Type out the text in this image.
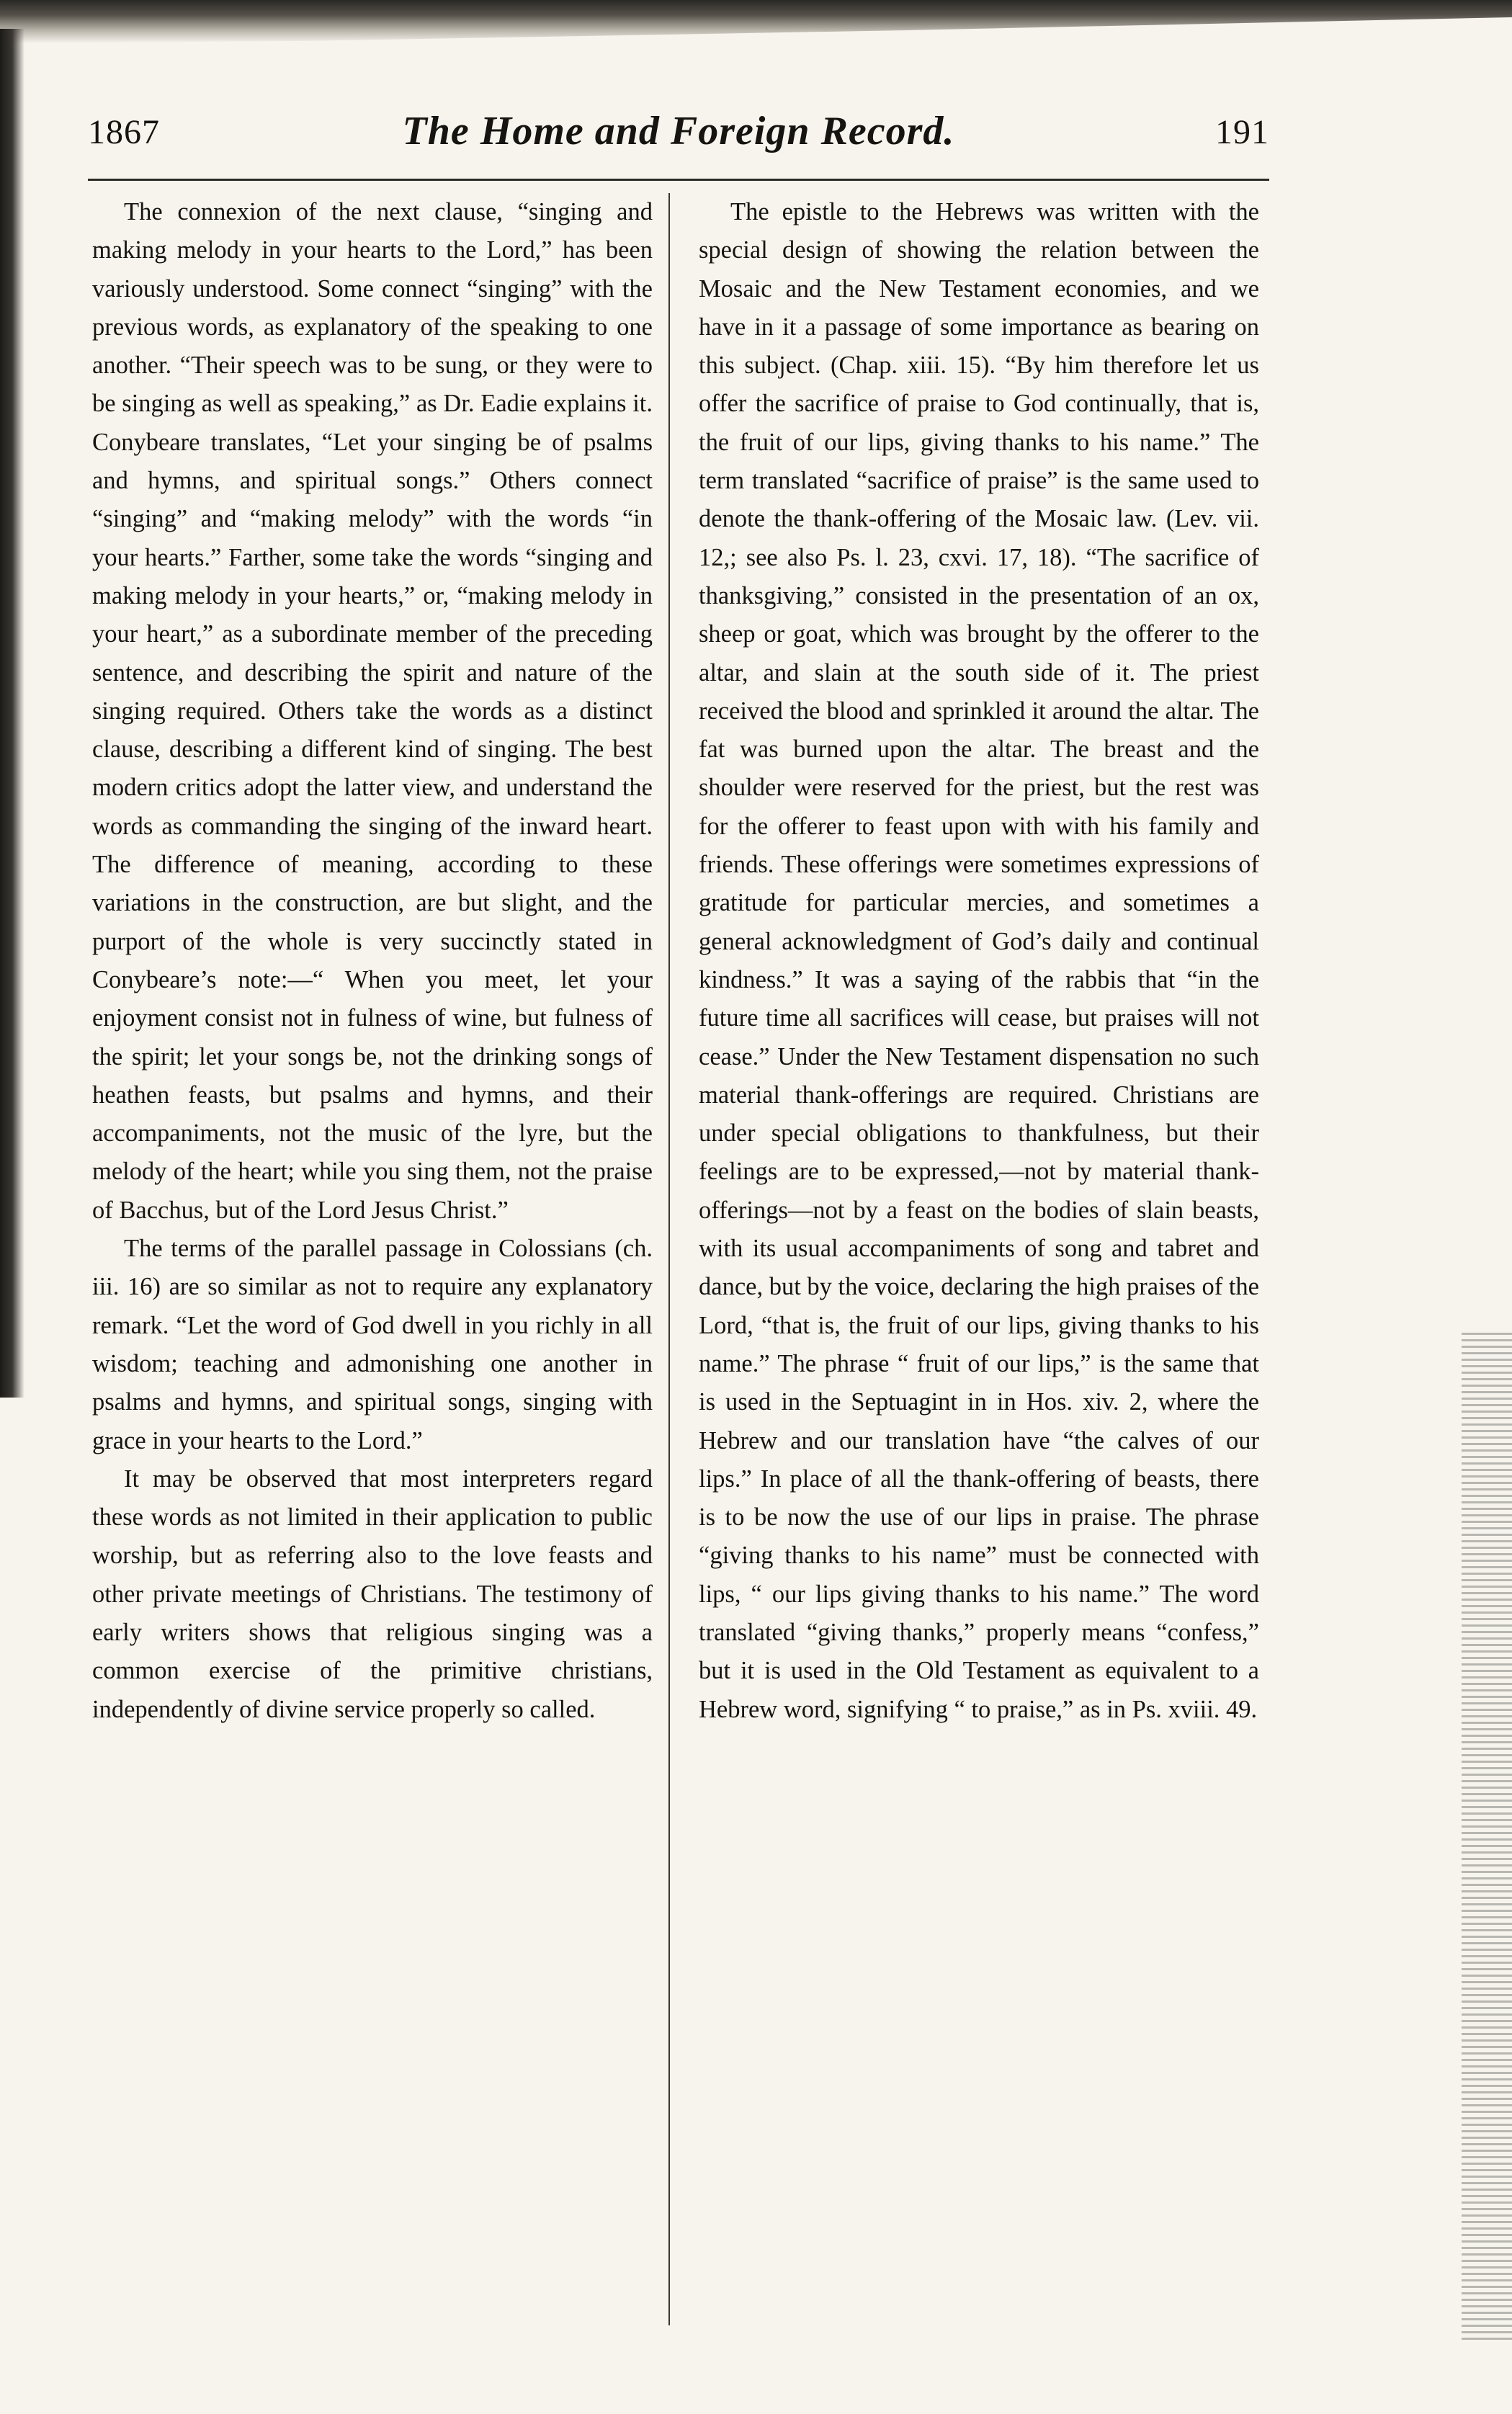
1867	The Home and Foreign Record.	191

The connexion of the next clause, “singing and making melody in your hearts to the Lord,” has been variously understood. Some connect “singing” with the previous words, as explanatory of the speaking to one another. “Their speech was to be sung, or they were to be singing as well as speaking,” as Dr. Eadie explains it. Conybeare translates, “Let your singing be of psalms and hymns, and spiritual songs.” Others connect “singing” and “making melody” with the words “in your hearts.” Farther, some take the words “singing and making melody in your hearts,” or, “making melody in your heart,” as a subordinate member of the preceding sentence, and describing the spirit and nature of the singing required. Others take the words as a distinct clause, describing a different kind of singing. The best modern critics adopt the latter view, and understand the words as commanding the singing of the inward heart. The difference of meaning, according to these variations in the construction, are but slight, and the purport of the whole is very succinctly stated in Conybeare’s note:—“ When you meet, let your enjoyment consist not in fulness of wine, but fulness of the spirit; let your songs be, not the drinking songs of heathen feasts, but psalms and hymns, and their accompaniments, not the music of the lyre, but the melody of the heart; while you sing them, not the praise of Bacchus, but of the Lord Jesus Christ.”

The terms of the parallel passage in Colossians (ch. iii. 16) are so similar as not to require any explanatory remark. “Let the word of God dwell in you richly in all wisdom; teaching and admonishing one another in psalms and hymns, and spiritual songs, singing with grace in your hearts to the Lord.”

It may be observed that most interpreters regard these words as not limited in their application to public worship, but as referring also to the love feasts and other private meetings of Christians. The testimony of early writers shows that religious singing was a common exercise of the primitive christians, independently of divine service properly so called.

The epistle to the Hebrews was written with the special design of showing the relation between the Mosaic and the New Testament economies, and we have in it a passage of some importance as bearing on this subject. (Chap. xiii. 15). “By him therefore let us offer the sacrifice of praise to God continually, that is, the fruit of our lips, giving thanks to his name.” The term translated “sacrifice of praise” is the same used to denote the thank-offering of the Mosaic law. (Lev. vii. 12,; see also Ps. l. 23, cxvi. 17, 18). “The sacrifice of thanksgiving,” consisted in the presentation of an ox, sheep or goat, which was brought by the offerer to the altar, and slain at the south side of it. The priest received the blood and sprinkled it around the altar. The fat was burned upon the altar. The breast and the shoulder were reserved for the priest, but the rest was for the offerer to feast upon with with his family and friends. These offerings were sometimes expressions of gratitude for particular mercies, and sometimes a general acknowledgment of God’s daily and continual kindness.” It was a saying of the rabbis that “in the future time all sacrifices will cease, but praises will not cease.” Under the New Testament dispensation no such material thank-offerings are required. Christians are under special obligations to thankfulness, but their feelings are to be expressed,—not by material thank-offerings—not by a feast on the bodies of slain beasts, with its usual accompaniments of song and tabret and dance, but by the voice, declaring the high praises of the Lord, “that is, the fruit of our lips, giving thanks to his name.” The phrase “ fruit of our lips,” is the same that is used in the Septuagint in in Hos. xiv. 2, where the Hebrew and our translation have “the calves of our lips.” In place of all the thank-offering of beasts, there is to be now the use of our lips in praise. The phrase “giving thanks to his name” must be connected with lips, “ our lips giving thanks to his name.” The word translated “giving thanks,” properly means “confess,” but it is used in the Old Testament as equivalent to a Hebrew word, signifying “ to praise,” as in Ps. xviii. 49.
